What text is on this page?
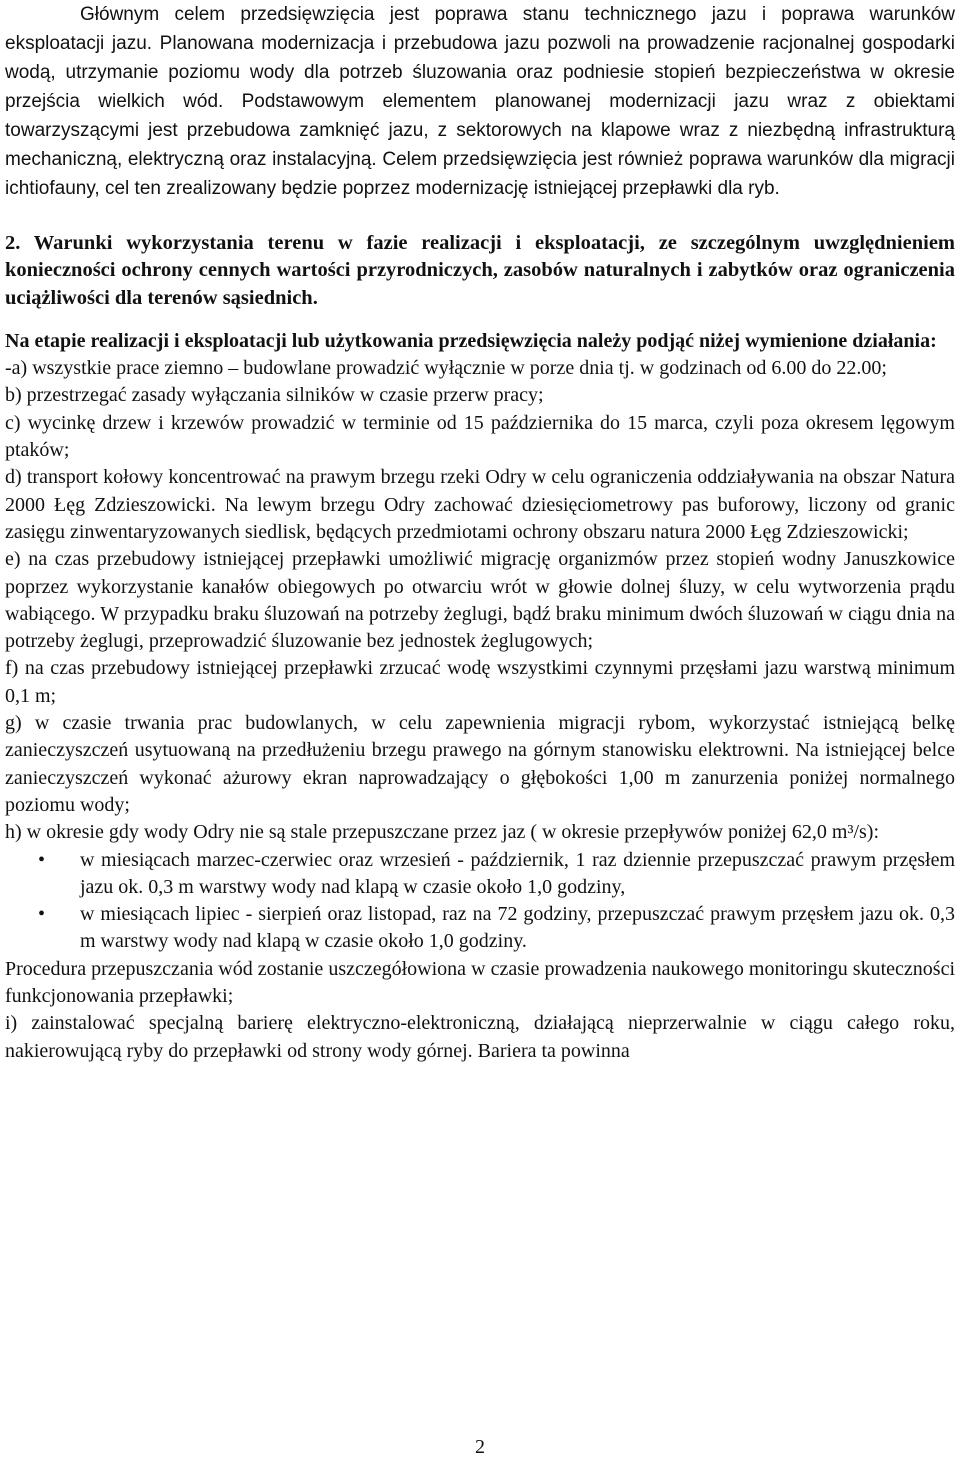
Głównym celem przedsięwzięcia jest poprawa stanu technicznego jazu i poprawa warunków eksploatacji jazu. Planowana modernizacja i przebudowa jazu pozwoli na prowadzenie racjonalnej gospodarki wodą, utrzymanie poziomu wody dla potrzeb śluzowania oraz podniesie stopień bezpieczeństwa w okresie przejścia wielkich wód. Podstawowym elementem planowanej modernizacji jazu wraz z obiektami towarzyszącymi jest przebudowa zamknięć jazu, z sektorowych na klapowe wraz z niezbędną infrastrukturą mechaniczną, elektryczną oraz instalacyjną. Celem przedsięwzięcia jest również poprawa warunków dla migracji ichtiofauny, cel ten zrealizowany będzie poprzez modernizację istniejącej przepławki dla ryb.

2. Warunki wykorzystania terenu w fazie realizacji i eksploatacji, ze szczególnym uwzględnieniem konieczności ochrony cennych wartości przyrodniczych, zasobów naturalnych i zabytków oraz ograniczenia uciążliwości dla terenów sąsiednich.

Na etapie realizacji i eksploatacji lub użytkowania przedsięwzięcia należy podjąć niżej wymienione działania:

-a) wszystkie prace ziemno – budowlane prowadzić wyłącznie w porze dnia tj. w godzinach od 6.00 do 22.00;

b) przestrzegać zasady wyłączania silników w czasie przerw pracy;

c) wycinkę drzew i krzewów prowadzić w terminie od 15 października do 15 marca, czyli poza okresem lęgowym ptaków;

d) transport kołowy koncentrować na prawym brzegu rzeki Odry w celu ograniczenia oddziaływania na obszar Natura 2000 Łęg Zdzieszowicki. Na lewym brzegu Odry zachować dziesięciometrowy pas buforowy, liczony od granic zasięgu zinwentaryzowanych siedlisk, będących przedmiotami ochrony obszaru natura 2000 Łęg Zdzieszowicki;

e) na czas przebudowy istniejącej przepławki umożliwić migrację organizmów przez stopień wodny Januszkowice poprzez wykorzystanie kanałów obiegowych po otwarciu wrót w głowie dolnej śluzy, w celu wytworzenia prądu wabiącego. W przypadku braku śluzowań na potrzeby żeglugi, bądź braku minimum dwóch śluzowań w ciągu dnia na potrzeby żeglugi, przeprowadzić śluzowanie bez jednostek żeglugowych;

f) na czas przebudowy istniejącej przepławki zrzucać wodę wszystkimi czynnymi przęsłami jazu warstwą minimum 0,1 m;

g) w czasie trwania prac budowlanych, w celu zapewnienia migracji rybom, wykorzystać istniejącą belkę zanieczyszczeń usytuowaną na przedłużeniu brzegu prawego na górnym stanowisku elektrowni. Na istniejącej belce zanieczyszczeń wykonać ażurowy ekran naprowadzający o głębokości 1,00 m zanurzenia poniżej normalnego poziomu wody;

h) w okresie gdy wody Odry nie są stale przepuszczane przez jaz ( w okresie przepływów poniżej 62,0 m³/s):

• w miesiącach marzec-czerwiec oraz wrzesień - październik, 1 raz dziennie przepuszczać prawym przęsłem jazu ok. 0,3 m warstwy wody nad klapą w czasie około 1,0 godziny,
• w miesiącach lipiec - sierpień oraz listopad, raz na 72 godziny, przepuszczać prawym przęsłem jazu ok. 0,3 m warstwy wody nad klapą w czasie około 1,0 godziny.

Procedura przepuszczania wód zostanie uszczegółowiona w czasie prowadzenia naukowego monitoringu skuteczności funkcjonowania przepławki;

i) zainstalować specjalną barierę elektryczno-elektroniczną, działającą nieprzerwalnie w ciągu całego roku, nakierowującą ryby do przepławki od strony wody górnej. Bariera ta powinna

2
